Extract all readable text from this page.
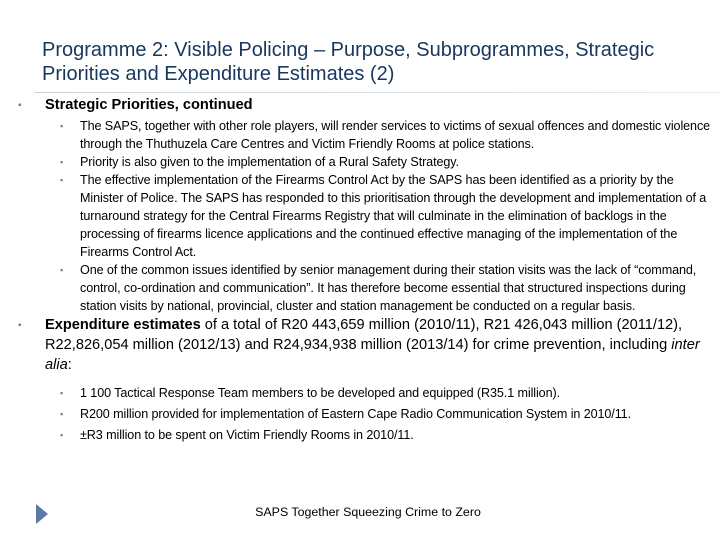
Programme 2: Visible Policing – Purpose, Subprogrammes, Strategic Priorities and Expenditure Estimates (2)
▪ Strategic Priorities, continued
▪ The SAPS, together with other role players, will render services to victims of sexual offences and domestic violence through the Thuthuzela Care Centres and Victim Friendly Rooms at police stations.
▪ Priority is also given to the implementation of a Rural Safety Strategy.
▪ The effective implementation of the Firearms Control Act by the SAPS has been identified as a priority by the Minister of Police. The SAPS has responded to this prioritisation through the development and implementation of a turnaround strategy for the Central Firearms Registry that will culminate in the elimination of backlogs in the processing of firearms licence applications and the continued effective managing of the implementation of the Firearms Control Act.
▪ One of the common issues identified by senior management during their station visits was the lack of “command, control, co-ordination and communication”. It has therefore become essential that structured inspections during station visits by national, provincial, cluster and station management be conducted on a regular basis.
▪ Expenditure estimates of a total of R20 443,659 million (2010/11), R21 426,043 million (2011/12), R22,826,054 million (2012/13) and R24,934,938 million (2013/14) for crime prevention, including inter alia:
▪ 1 100 Tactical Response Team members to be developed and equipped (R35.1 million).
▪ R200 million provided for implementation of Eastern Cape Radio Communication System in 2010/11.
▪ ±R3 million to be spent on Victim Friendly Rooms in 2010/11.
SAPS Together Squeezing Crime to Zero
